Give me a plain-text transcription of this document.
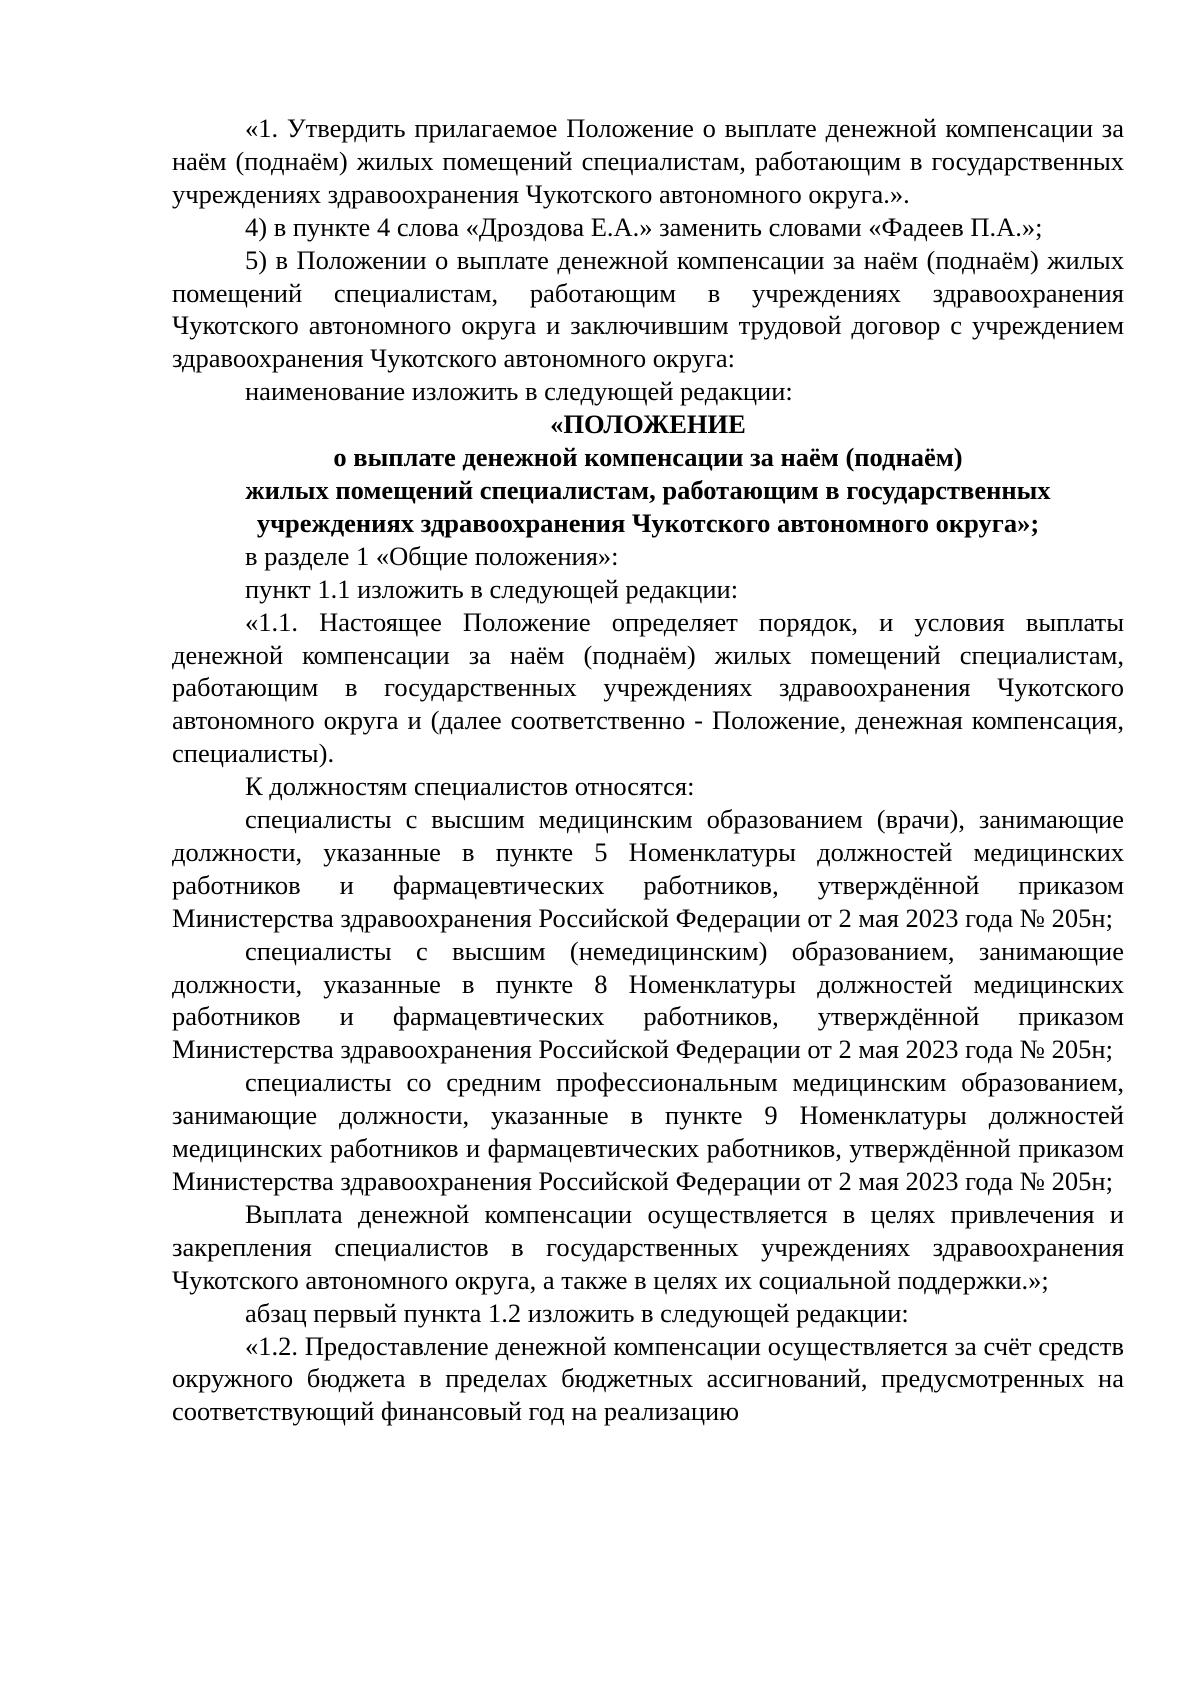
«1. Утвердить прилагаемое Положение о выплате денежной компенсации за наём (поднаём) жилых помещений специалистам, работающим в государственных учреждениях здравоохранения Чукотского автономного округа.».

4) в пункте 4 слова «Дроздова Е.А.» заменить словами «Фадеев П.А.»;

5) в Положении о выплате денежной компенсации за наём (поднаём) жилых помещений специалистам, работающим в учреждениях здравоохранения Чукотского автономного округа и заключившим трудовой договор с учреждением здравоохранения Чукотского автономного округа:

наименование изложить в следующей редакции:

«ПОЛОЖЕНИЕ

о выплате денежной компенсации за наём (поднаём)

жилых помещений специалистам, работающим в государственных

учреждениях здравоохранения Чукотского автономного округа»;

в разделе 1 «Общие положения»:

пункт 1.1 изложить в следующей редакции:

«1.1. Настоящее Положение определяет порядок, и условия выплаты денежной компенсации за наём (поднаём) жилых помещений специалистам, работающим в государственных учреждениях здравоохранения Чукотского автономного округа и (далее соответственно - Положение, денежная компенсация, специалисты).

К должностям специалистов относятся:

специалисты с высшим медицинским образованием (врачи), занимающие должности, указанные в пункте 5 Номенклатуры должностей медицинских работников и фармацевтических работников, утверждённой приказом Министерства здравоохранения Российской Федерации от 2 мая 2023 года № 205н;

специалисты с высшим (немедицинским) образованием, занимающие должности, указанные в пункте 8 Номенклатуры должностей медицинских работников и фармацевтических работников, утверждённой приказом Министерства здравоохранения Российской Федерации от 2 мая 2023 года № 205н;

специалисты со средним профессиональным медицинским образованием, занимающие должности, указанные в пункте 9 Номенклатуры должностей медицинских работников и фармацевтических работников, утверждённой приказом Министерства здравоохранения Российской Федерации от 2 мая 2023 года № 205н;

Выплата денежной компенсации осуществляется в целях привлечения и закрепления специалистов в государственных учреждениях здравоохранения Чукотского автономного округа, а также в целях их социальной поддержки.»;

абзац первый пункта 1.2 изложить в следующей редакции:

«1.2. Предоставление денежной компенсации осуществляется за счёт средств окружного бюджета в пределах бюджетных ассигнований, предусмотренных на соответствующий финансовый год на реализацию
